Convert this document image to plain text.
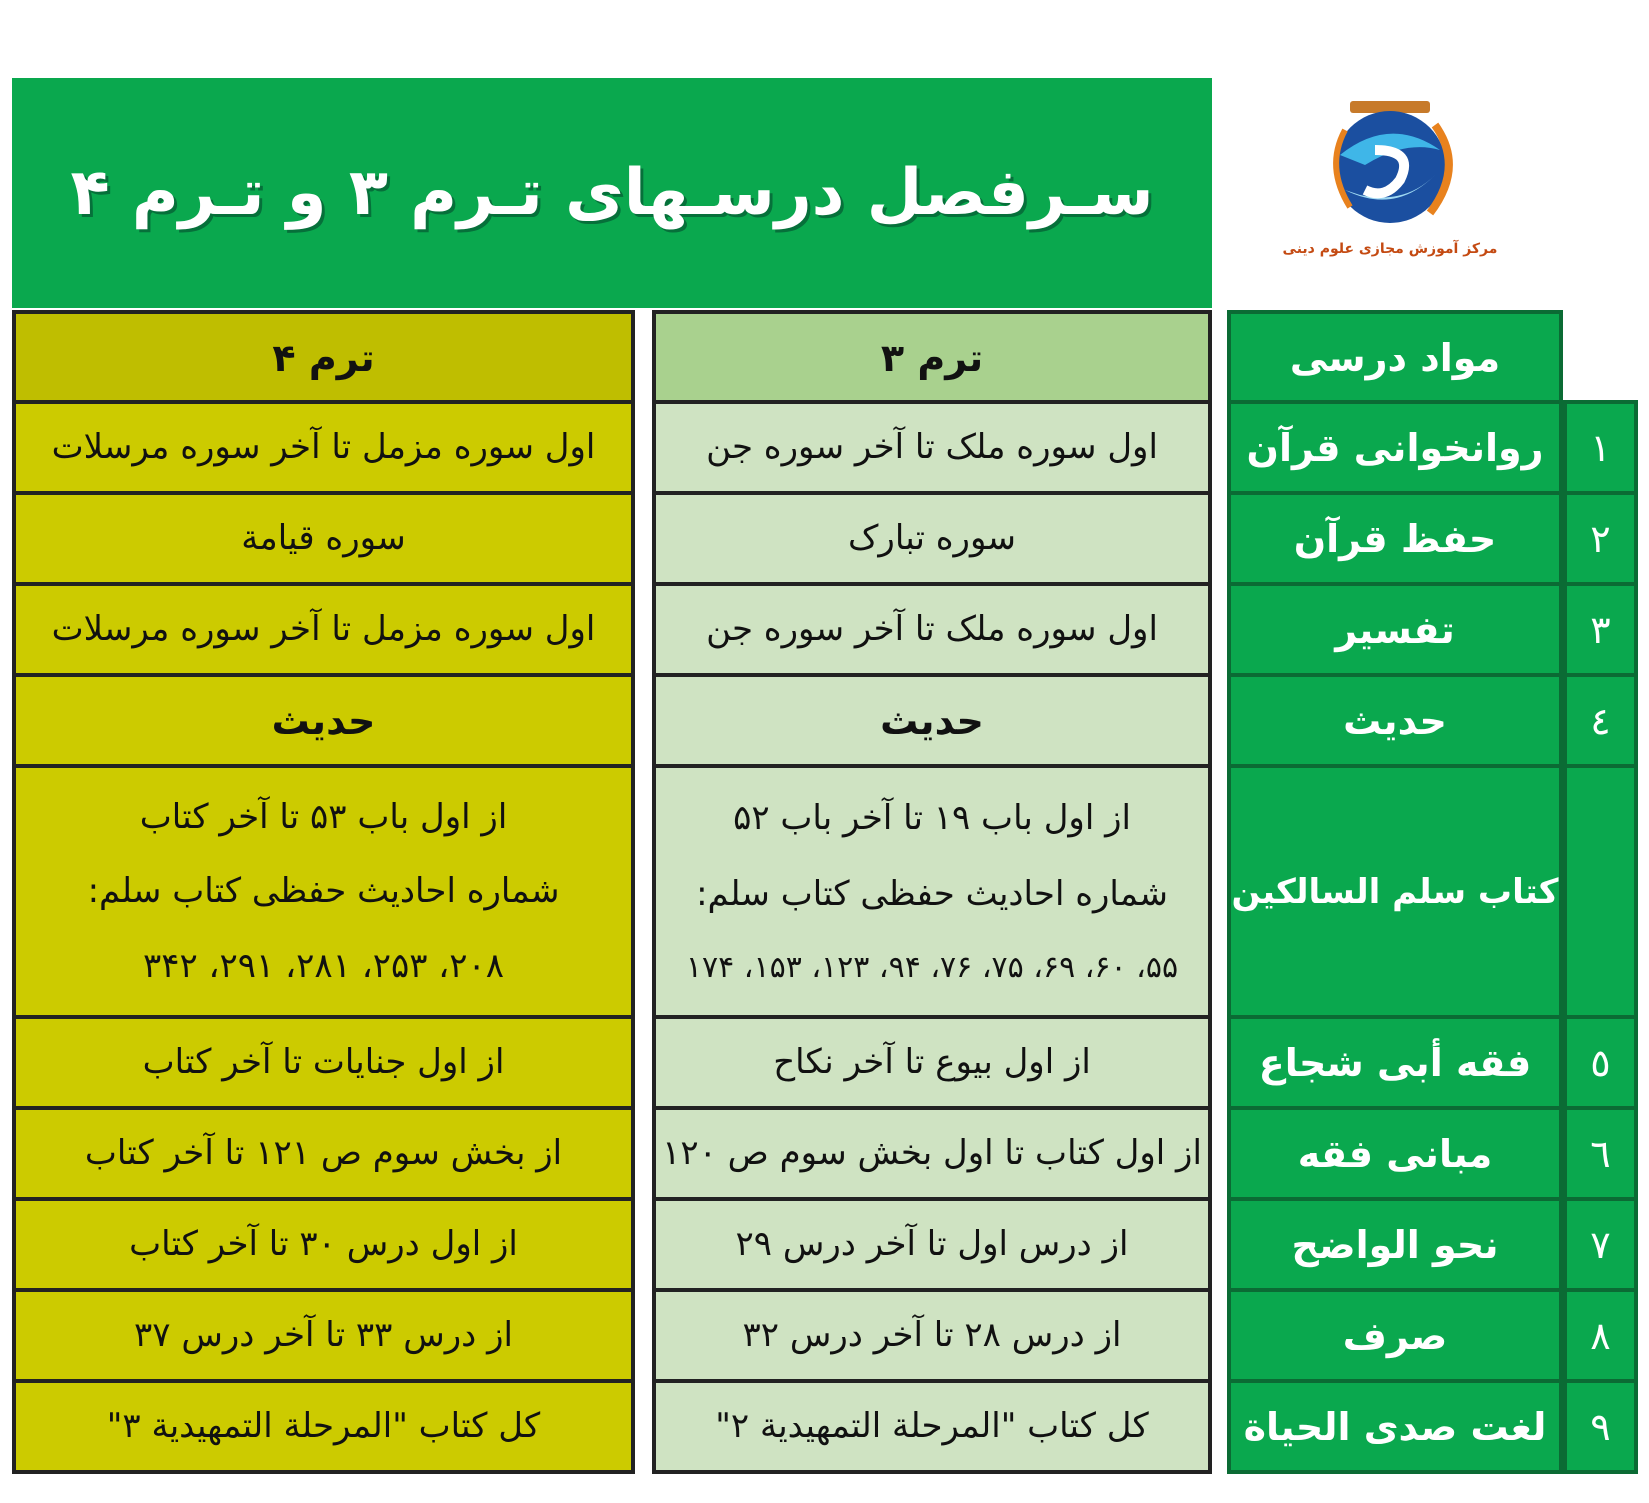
سـرفصل درسـهای تـرم ۳ و تـرم ۴
مرکز آموزش مجازی علوم دینی
مواد درسی
ترم ۳
ترم ۴
١
روانخوانی قرآن
اول سوره ملک تا آخر سوره جن
اول سوره مزمل تا آخر سوره مرسلات
٢
حفظ قرآن
سوره تبارک
سوره قیامة
٣
تفسیر
اول سوره ملک تا آخر سوره جن
اول سوره مزمل تا آخر سوره مرسلات
٤
حدیث
حدیث
حدیث
کتاب سلم السالکین
از اول باب ۱۹ تا آخر باب ۵۲
شماره احادیث حفظی کتاب سلم:
۵۵، ۶۰، ۶۹، ۷۵، ۷۶، ۹۴، ۱۲۳، ۱۵۳، ۱۷۴
از اول باب ۵۳ تا آخر کتاب
شماره احادیث حفظی کتاب سلم:
۲۰۸، ۲۵۳، ۲۸۱، ۲۹۱، ۳۴۲
٥
فقه أبی شجاع
از اول بیوع تا آخر نکاح
از اول جنایات تا آخر کتاب
٦
مبانی فقه
از اول کتاب تا اول بخش سوم ص ۱۲۰
از بخش سوم ص ۱۲۱ تا آخر کتاب
٧
نحو الواضح
از درس اول تا آخر درس ۲۹
از اول درس ۳۰ تا آخر کتاب
٨
صرف
از درس ۲۸ تا آخر درس ۳۲
از درس ۳۳ تا آخر درس ۳۷
٩
لغت صدی الحیاة
کل کتاب "المرحلة التمهیدیة ۲"
کل کتاب "المرحلة التمهیدیة ۳"
